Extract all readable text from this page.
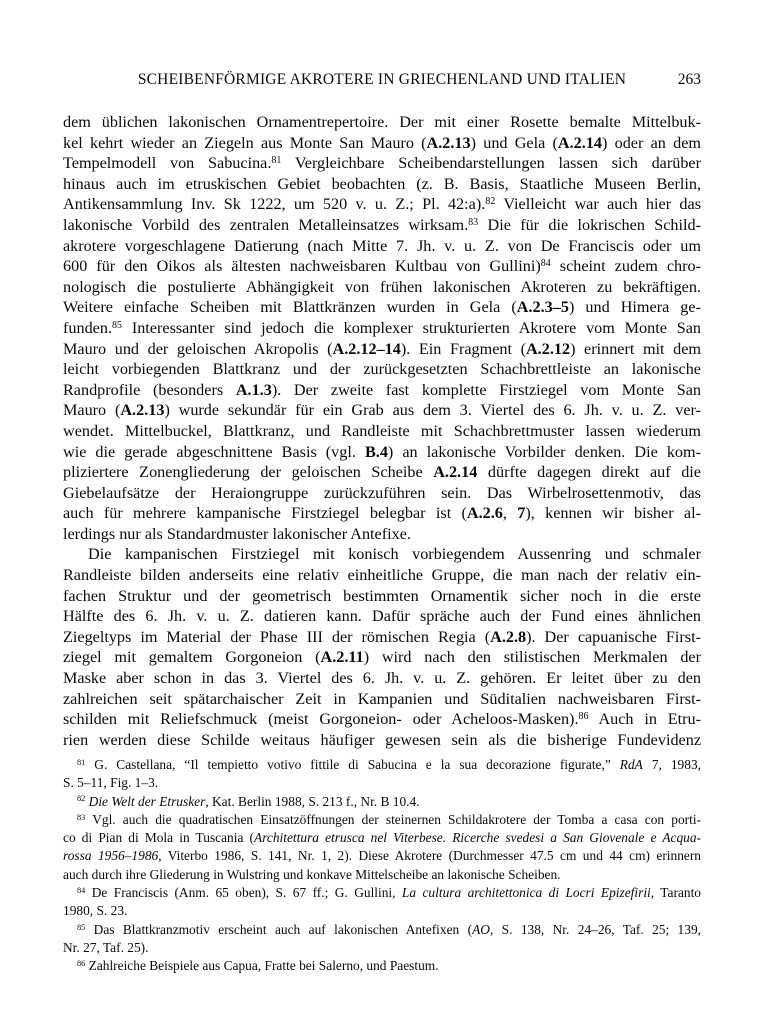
SCHEIBENFÖRMIGE AKROTERE IN GRIECHENLAND UND ITALIEN	263
dem üblichen lakonischen Ornamentrepertoire. Der mit einer Rosette bemalte Mittelbuk-
kel kehrt wieder an Ziegeln aus Monte San Mauro (A.2.13) und Gela (A.2.14) oder an dem
Tempelmodell von Sabucina.$^{81}$ Vergleichbare Scheibendarstellungen lassen sich darüber
hinaus auch im etruskischen Gebiet beobachten (z. B. Basis, Staatliche Museen Berlin,
Antikensammlung Inv. Sk 1222, um 520 v. u. Z.; Pl. 42:a).$^{82}$ Vielleicht war auch hier das
lakonische Vorbild des zentralen Metalleinsatzes wirksam.$^{83}$ Die für die lokrischen Schild-
akrotere vorgeschlagene Datierung (nach Mitte 7. Jh. v. u. Z. von De Franciscis oder um
600 für den Oikos als ältesten nachweisbaren Kultbau von Gullini)$^{84}$ scheint zudem chro-
nologisch die postulierte Abhängigkeit von frühen lakonischen Akroteren zu bekräftigen.
Weitere einfache Scheiben mit Blattkränzen wurden in Gela (A.2.3–5) und Himera ge-
funden.$^{85}$ Interessanter sind jedoch die komplexer strukturierten Akrotere vom Monte San
Mauro und der geloischen Akropolis (A.2.12–14). Ein Fragment (A.2.12) erinnert mit dem
leicht vorbiegenden Blattkranz und der zurückgesetzten Schachbrettleiste an lakonische
Randprofile (besonders A.1.3). Der zweite fast komplette Firstziegel vom Monte San
Mauro (A.2.13) wurde sekundär für ein Grab aus dem 3. Viertel des 6. Jh. v. u. Z. ver-
wendet. Mittelbuckel, Blattkranz, und Randleiste mit Schachbrettmuster lassen wiederum
wie die gerade abgeschnittene Basis (vgl. B.4) an lakonische Vorbilder denken. Die kom-
pliziertere Zonengliederung der geloischen Scheibe A.2.14 dürfte dagegen direkt auf die
Giebelaufsätze der Heraiongruppe zurückzuführen sein. Das Wirbelrosettenmotiv, das
auch für mehrere kampanische Firstziegel belegbar ist (A.2.6, 7), kennen wir bisher al-
lerdings nur als Standardmuster lakonischer Antefixe.
Die kampanischen Firstziegel mit konisch vorbiegendem Aussenring und schmaler
Randleiste bilden anderseits eine relativ einheitliche Gruppe, die man nach der relativ ein-
fachen Struktur und der geometrisch bestimmten Ornamentik sicher noch in die erste
Hälfte des 6. Jh. v. u. Z. datieren kann. Dafür spräche auch der Fund eines ähnlichen
Ziegeltyps im Material der Phase III der römischen Regia (A.2.8). Der capuanische First-
ziegel mit gemaltem Gorgoneion (A.2.11) wird nach den stilistischen Merkmalen der
Maske aber schon in das 3. Viertel des 6. Jh. v. u. Z. gehören. Er leitet über zu den
zahlreichen seit spätarchaischer Zeit in Kampanien und Süditalien nachweisbaren First-
schilden mit Reliefschmuck (meist Gorgoneion- oder Acheloos-Masken).$^{86}$ Auch in Etru-
rien werden diese Schilde weitaus häufiger gewesen sein als die bisherige Fundevidenz
$^{81}$ G. Castellana, “Il tempietto votivo fittile di Sabucina e la sua decorazione figurate,” RdA 7, 1983,
S. 5–11, Fig. 1–3.
$^{82}$ Die Welt der Etrusker, Kat. Berlin 1988, S. 213 f., Nr. B 10.4.
$^{83}$ Vgl. auch die quadratischen Einsatzöffnungen der steinernen Schildakrotere der Tomba a casa con porti-
co di Pian di Mola in Tuscania (Architettura etrusca nel Viterbese. Ricerche svedesi a San Giovenale e Acqua-
rossa 1956–1986, Viterbo 1986, S. 141, Nr. 1, 2). Diese Akrotere (Durchmesser 47.5 cm und 44 cm) erinnern
auch durch ihre Gliederung in Wulstring und konkave Mittelscheibe an lakonische Scheiben.
$^{84}$ De Franciscis (Anm. 65 oben), S. 67 ff.; G. Gullini, La cultura architettonica di Locri Epizefirii, Taranto
1980, S. 23.
$^{85}$ Das Blattkranzmotiv erscheint auch auf lakonischen Antefixen (AO, S. 138, Nr. 24–26, Taf. 25; 139,
Nr. 27, Taf. 25).
$^{86}$ Zahlreiche Beispiele aus Capua, Fratte bei Salerno, und Paestum.
